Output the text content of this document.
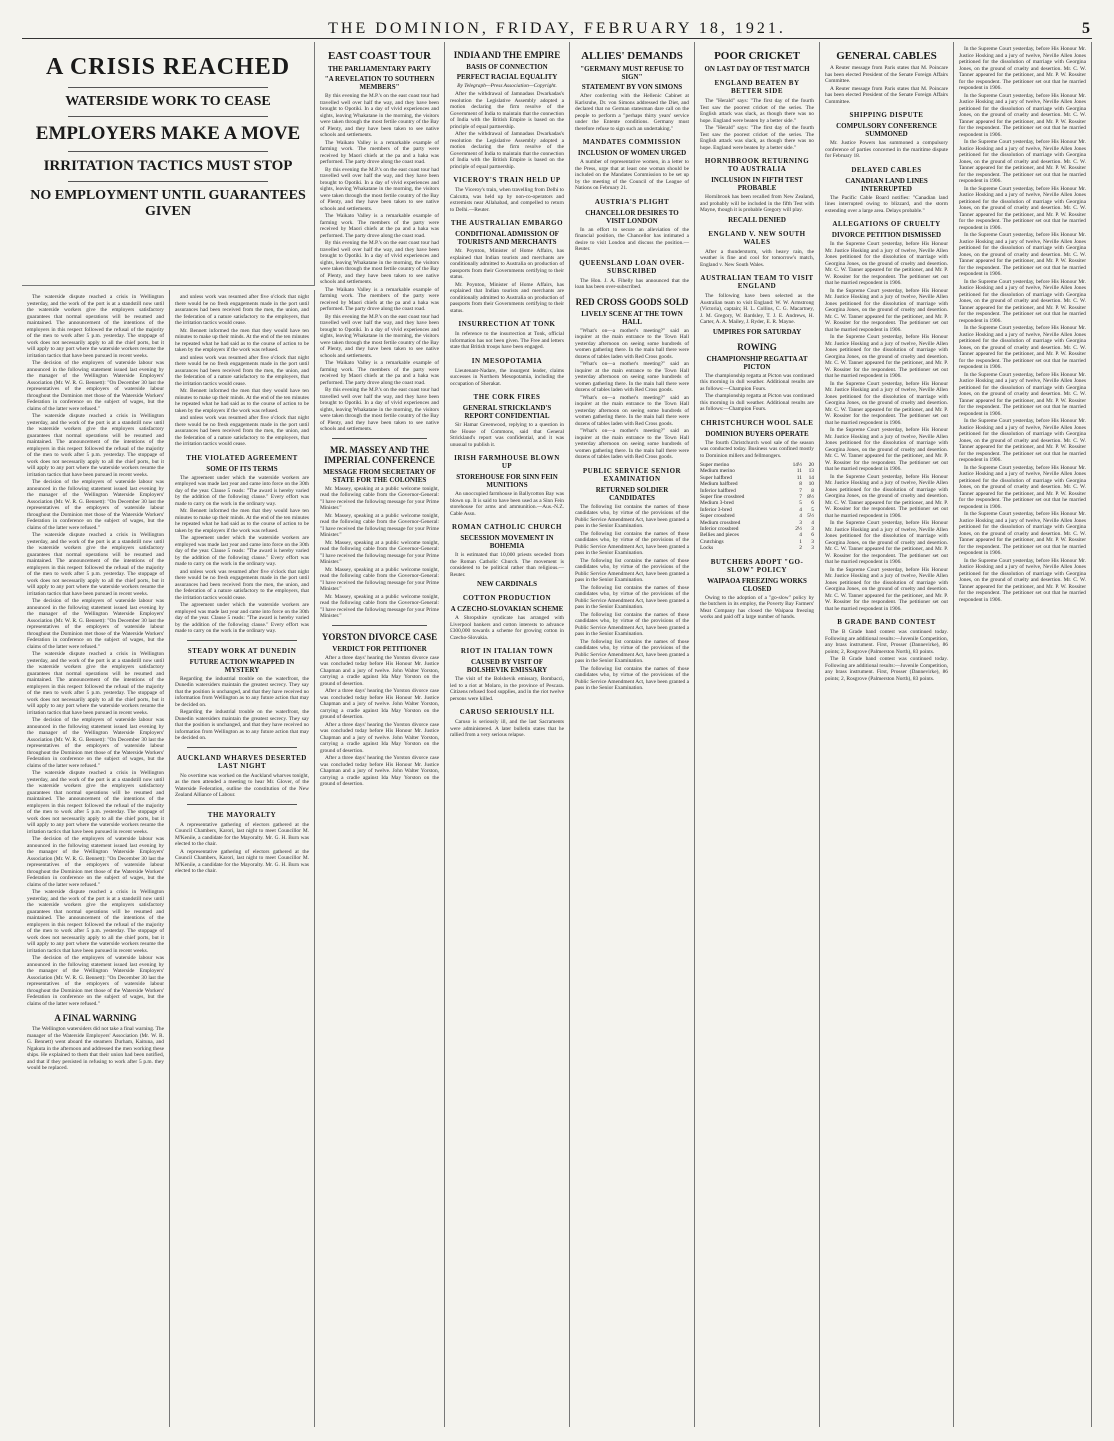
THE DOMINION, FRIDAY, FEBRUARY 18, 1921.	5
A CRISIS REACHED
WATERSIDE WORK TO CEASE
EMPLOYERS MAKE A MOVE
IRRITATION TACTICS MUST STOP
NO EMPLOYMENT UNTIL GUARANTEES GIVEN

The waterside dispute reached a crisis in Wellington yesterday, and the work of the port is at a standstill now until the waterside workers give the employers satisfactory guarantees that normal operations will be resumed and maintained. The announcement of the intentions of the employers in this respect followed the refusal of the majority of the men to work after 5 p.m. yesterday. The stoppage of work does not necessarily apply to all the chief ports, but it will apply to any port where the waterside workers resume the irritation tactics that have been pursued in recent weeks.

The decision of the employers of waterside labour was announced in the following statement issued last evening by the manager of the Wellington Waterside Employers' Association (Mr. W. R. G. Bennett): "On December 30 last the representatives of the employers of waterside labour throughout the Dominion met those of the Waterside Workers' Federation in conference on the subject of wages, but the claims of the latter were refused."

The waterside dispute reached a crisis in Wellington yesterday, and the work of the port is at a standstill now until the waterside workers give the employers satisfactory guarantees that normal operations will be resumed and maintained. The announcement of the intentions of the employers in this respect followed the refusal of the majority of the men to work after 5 p.m. yesterday. The stoppage of work does not necessarily apply to all the chief ports, but it will apply to any port where the waterside workers resume the irritation tactics that have been pursued in recent weeks.

The decision of the employers of waterside labour was announced in the following statement issued last evening by the manager of the Wellington Waterside Employers' Association (Mr. W. R. G. Bennett): "On December 30 last the representatives of the employers of waterside labour throughout the Dominion met those of the Waterside Workers' Federation in conference on the subject of wages, but the claims of the latter were refused."

The waterside dispute reached a crisis in Wellington yesterday, and the work of the port is at a standstill now until the waterside workers give the employers satisfactory guarantees that normal operations will be resumed and maintained. The announcement of the intentions of the employers in this respect followed the refusal of the majority of the men to work after 5 p.m. yesterday. The stoppage of work does not necessarily apply to all the chief ports, but it will apply to any port where the waterside workers resume the irritation tactics that have been pursued in recent weeks.

The decision of the employers of waterside labour was announced in the following statement issued last evening by the manager of the Wellington Waterside Employers' Association (Mr. W. R. G. Bennett): "On December 30 last the representatives of the employers of waterside labour throughout the Dominion met those of the Waterside Workers' Federation in conference on the subject of wages, but the claims of the latter were refused."

The waterside dispute reached a crisis in Wellington yesterday, and the work of the port is at a standstill now until the waterside workers give the employers satisfactory guarantees that normal operations will be resumed and maintained. The announcement of the intentions of the employers in this respect followed the refusal of the majority of the men to work after 5 p.m. yesterday. The stoppage of work does not necessarily apply to all the chief ports, but it will apply to any port where the waterside workers resume the irritation tactics that have been pursued in recent weeks.

The decision of the employers of waterside labour was announced in the following statement issued last evening by the manager of the Wellington Waterside Employers' Association (Mr. W. R. G. Bennett): "On December 30 last the representatives of the employers of waterside labour throughout the Dominion met those of the Waterside Workers' Federation in conference on the subject of wages, but the claims of the latter were refused."

The waterside dispute reached a crisis in Wellington yesterday, and the work of the port is at a standstill now until the waterside workers give the employers satisfactory guarantees that normal operations will be resumed and maintained. The announcement of the intentions of the employers in this respect followed the refusal of the majority of the men to work after 5 p.m. yesterday. The stoppage of work does not necessarily apply to all the chief ports, but it will apply to any port where the waterside workers resume the irritation tactics that have been pursued in recent weeks.

The decision of the employers of waterside labour was announced in the following statement issued last evening by the manager of the Wellington Waterside Employers' Association (Mr. W. R. G. Bennett): "On December 30 last the representatives of the employers of waterside labour throughout the Dominion met those of the Waterside Workers' Federation in conference on the subject of wages, but the claims of the latter were refused."

The waterside dispute reached a crisis in Wellington yesterday, and the work of the port is at a standstill now until the waterside workers give the employers satisfactory guarantees that normal operations will be resumed and maintained. The announcement of the intentions of the employers in this respect followed the refusal of the majority of the men to work after 5 p.m. yesterday. The stoppage of work does not necessarily apply to all the chief ports, but it will apply to any port where the waterside workers resume the irritation tactics that have been pursued in recent weeks.

The decision of the employers of waterside labour was announced in the following statement issued last evening by the manager of the Wellington Waterside Employers' Association (Mr. W. R. G. Bennett): "On December 30 last the representatives of the employers of waterside labour throughout the Dominion met those of the Waterside Workers' Federation in conference on the subject of wages, but the claims of the latter were refused."

A FINAL WARNING

The Wellington watersiders did not take a final warning. The manager of the Waterside Employers' Association (Mr. W. R. G. Bennett) went aboard the steamers Durham, Kaituna, and Ngakuta in the afternoon and addressed the men working these ships. He explained to them that their union had been notified, and that if they persisted in refusing to work after 5 p.m. they would be replaced.

and unless work was resumed after five o'clock that night there would be no fresh engagements made in the port until assurances had been received from the men, the union, and the federation of a nature satisfactory to the employers, that the irritation tactics would cease.

Mr. Bennett informed the men that they would have ten minutes to make up their minds. At the end of the ten minutes he repeated what he had said as to the course of action to be taken by the employers if the work was refused.

and unless work was resumed after five o'clock that night there would be no fresh engagements made in the port until assurances had been received from the men, the union, and the federation of a nature satisfactory to the employers, that the irritation tactics would cease.

Mr. Bennett informed the men that they would have ten minutes to make up their minds. At the end of the ten minutes he repeated what he had said as to the course of action to be taken by the employers if the work was refused.

and unless work was resumed after five o'clock that night there would be no fresh engagements made in the port until assurances had been received from the men, the union, and the federation of a nature satisfactory to the employers, that the irritation tactics would cease.

THE VIOLATED AGREEMENT
SOME OF ITS TERMS

The agreement under which the waterside workers are employed was made last year and came into force on the 30th day of the year. Clause 5 reads: "The award is hereby varied by the addition of the following clause." Every effort was made to carry on the work in the ordinary way.

Mr. Bennett informed the men that they would have ten minutes to make up their minds. At the end of the ten minutes he repeated what he had said as to the course of action to be taken by the employers if the work was refused.

The agreement under which the waterside workers are employed was made last year and came into force on the 30th day of the year. Clause 5 reads: "The award is hereby varied by the addition of the following clause." Every effort was made to carry on the work in the ordinary way.

and unless work was resumed after five o'clock that night there would be no fresh engagements made in the port until assurances had been received from the men, the union, and the federation of a nature satisfactory to the employers, that the irritation tactics would cease.

The agreement under which the waterside workers are employed was made last year and came into force on the 30th day of the year. Clause 5 reads: "The award is hereby varied by the addition of the following clause." Every effort was made to carry on the work in the ordinary way.

STEADY WORK AT DUNEDIN
FUTURE ACTION WRAPPED IN MYSTERY

Regarding the industrial trouble on the waterfront, the Dunedin watersiders maintain the greatest secrecy. They say that the position is unchanged, and that they have received no information from Wellington as to any future action that may be decided on.

Regarding the industrial trouble on the waterfront, the Dunedin watersiders maintain the greatest secrecy. They say that the position is unchanged, and that they have received no information from Wellington as to any future action that may be decided on.

AUCKLAND WHARVES DESERTED LAST NIGHT

No overtime was worked on the Auckland wharves tonight, as the men attended a meeting to hear Mr. Glover, of the Waterside Federation, outline the constitution of the New Zealand Alliance of Labour.

THE MAYORALTY

A representative gathering of electors gathered at the Council Chambers, Karori, last night to meet Councillor M. M'Keniie, a candidate for the Mayoralty. Mr. G. H. Burn was elected to the chair.

A representative gathering of electors gathered at the Council Chambers, Karori, last night to meet Councillor M. M'Keniie, a candidate for the Mayoralty. Mr. G. H. Burn was elected to the chair.

EAST COAST TOUR
THE PARLIAMENTARY PARTY
"A REVELATION TO SOUTHERN MEMBERS"

By this evening the M.P.'s on the east coast tour had travelled well over half the way, and they have been brought to Opotiki. In a day of vivid experiences and sights, leaving Whakatane in the morning, the visitors were taken through the most fertile country of the Bay of Plenty, and they have been taken to see native schools and settlements.

The Waikato Valley is a remarkable example of farming work. The members of the party were received by Maori chiefs at the pa and a haka was performed. The party drove along the coast road.

By this evening the M.P.'s on the east coast tour had travelled well over half the way, and they have been brought to Opotiki. In a day of vivid experiences and sights, leaving Whakatane in the morning, the visitors were taken through the most fertile country of the Bay of Plenty, and they have been taken to see native schools and settlements.

The Waikato Valley is a remarkable example of farming work. The members of the party were received by Maori chiefs at the pa and a haka was performed. The party drove along the coast road.

By this evening the M.P.'s on the east coast tour had travelled well over half the way, and they have been brought to Opotiki. In a day of vivid experiences and sights, leaving Whakatane in the morning, the visitors were taken through the most fertile country of the Bay of Plenty, and they have been taken to see native schools and settlements.

The Waikato Valley is a remarkable example of farming work. The members of the party were received by Maori chiefs at the pa and a haka was performed. The party drove along the coast road.

By this evening the M.P.'s on the east coast tour had travelled well over half the way, and they have been brought to Opotiki. In a day of vivid experiences and sights, leaving Whakatane in the morning, the visitors were taken through the most fertile country of the Bay of Plenty, and they have been taken to see native schools and settlements.

The Waikato Valley is a remarkable example of farming work. The members of the party were received by Maori chiefs at the pa and a haka was performed. The party drove along the coast road.

By this evening the M.P.'s on the east coast tour had travelled well over half the way, and they have been brought to Opotiki. In a day of vivid experiences and sights, leaving Whakatane in the morning, the visitors were taken through the most fertile country of the Bay of Plenty, and they have been taken to see native schools and settlements.

MR. MASSEY AND THE IMPERIAL CONFERENCE
MESSAGE FROM SECRETARY OF STATE FOR THE COLONIES

Mr. Massey, speaking at a public welcome tonight, read the following cable from the Governor-General: "I have received the following message for your Prime Minister."

Mr. Massey, speaking at a public welcome tonight, read the following cable from the Governor-General: "I have received the following message for your Prime Minister."

Mr. Massey, speaking at a public welcome tonight, read the following cable from the Governor-General: "I have received the following message for your Prime Minister."

Mr. Massey, speaking at a public welcome tonight, read the following cable from the Governor-General: "I have received the following message for your Prime Minister."

Mr. Massey, speaking at a public welcome tonight, read the following cable from the Governor-General: "I have received the following message for your Prime Minister."

YORSTON DIVORCE CASE
VERDICT FOR PETITIONER

After a three days' hearing the Yorston divorce case was concluded today before His Honour Mr. Justice Chapman and a jury of twelve. John Walter Yorston, carrying a cradle against Ida May Yorston on the ground of desertion.

After a three days' hearing the Yorston divorce case was concluded today before His Honour Mr. Justice Chapman and a jury of twelve. John Walter Yorston, carrying a cradle against Ida May Yorston on the ground of desertion.

After a three days' hearing the Yorston divorce case was concluded today before His Honour Mr. Justice Chapman and a jury of twelve. John Walter Yorston, carrying a cradle against Ida May Yorston on the ground of desertion.

After a three days' hearing the Yorston divorce case was concluded today before His Honour Mr. Justice Chapman and a jury of twelve. John Walter Yorston, carrying a cradle against Ida May Yorston on the ground of desertion.

INDIA AND THE EMPIRE
BASIS OF CONNECTION
PERFECT RACIAL EQUALITY
By Telegraph—Press Association—Copyright.

After the withdrawal of Jamnadass Dwarkadas's resolution the Legislative Assembly adopted a motion declaring the firm resolve of the Government of India to maintain that the connection of India with the British Empire is based on the principle of equal partnership.

After the withdrawal of Jamnadass Dwarkadas's resolution the Legislative Assembly adopted a motion declaring the firm resolve of the Government of India to maintain that the connection of India with the British Empire is based on the principle of equal partnership.

VICEROY'S TRAIN HELD UP

The Viceroy's train, when travelling from Delhi to Calcutta, was held up by non-co-operators and extremists near Allahabad, and compelled to return to Delhi.—Reuter.

THE AUSTRALIAN EMBARGO
CONDITIONAL ADMISSION OF TOURISTS AND MERCHANTS

Mr. Poynton, Minister of Home Affairs, has explained that Indian tourists and merchants are conditionally admitted to Australia on production of passports from their Governments certifying to their status.

Mr. Poynton, Minister of Home Affairs, has explained that Indian tourists and merchants are conditionally admitted to Australia on production of passports from their Governments certifying to their status.

INSURRECTION AT TONK

In reference to the insurrection at Tonk, official information has not been given. The Free and letters state that British troops have been engaged.

IN MESOPOTAMIA

Lieutenant-Nadare, the insurgent leader, claims successes in Northern Mesopotamia, including the occupation of Sherakat.

THE CORK FIRES
GENERAL STRICKLAND'S REPORT CONFIDENTIAL

Sir Hamar Greenwood, replying to a question in the House of Commons, said that General Strickland's report was confidential, and it was unusual to publish it.

IRISH FARMHOUSE BLOWN UP
STOREHOUSE FOR SINN FEIN MUNITIONS

An unoccupied farmhouse in Ballycotton Bay was blown up. It is said to have been used as a Sinn Fein storehouse for arms and ammunition.—Aus.-N.Z. Cable Assn.

ROMAN CATHOLIC CHURCH
SECESSION MOVEMENT IN BOHEMIA

It is estimated that 10,000 priests seceded from the Roman Catholic Church. The movement is considered to be political rather than religious.—Reuter.

NEW CARDINALS
COTTON PRODUCTION
A CZECHO-SLOVAKIAN SCHEME

A Shropshire syndicate has arranged with Liverpool bankers and cotton interests to advance £300,000 towards a scheme for growing cotton in Czecho-Slovakia.

RIOT IN ITALIAN TOWN
CAUSED BY VISIT OF BOLSHEVIK EMISSARY

The visit of the Bolshevik emissary, Bombacci, led to a riot at Molaro, in the province of Pescara. Citizens refused food supplies, and in the riot twelve persons were killed.

CARUSO SERIOUSLY ILL

Caruso is seriously ill, and the last Sacraments were administered. A later bulletin states that he rallied from a very serious relapse.

ALLIES' DEMANDS
"GERMANY MUST REFUSE TO SIGN"
STATEMENT BY VON SIMONS

After conferring with the Hellenic Cabinet at Karlsruhe, Dr. von Simons addressed the Diet, and declared that no German statesman dare call on the people to perform a "perhaps thirty years' service under the Entente conditions. Germany must therefore refuse to sign such an undertaking."

MANDATES COMMISSION
INCLUSION OF WOMEN URGED

A number of representative women, in a letter to the Press, urge that at least one woman should be included on the Mandates Commission to be set up by the meeting of the Council of the League of Nations on February 21.

AUSTRIA'S PLIGHT
CHANCELLOR DESIRES TO VISIT LONDON

In an effort to secure an alleviation of the financial position, the Chancellor has intimated a desire to visit London and discuss the position.—Reuter.

QUEENSLAND LOAN OVER-SUBSCRIBED

The Hon. J. A. Fihelly has announced that the loan has been over-subscribed.

RED CROSS GOODS SOLD
LIVELY SCENE AT THE TOWN HALL

"What's on—a mother's meeting?" said an inquirer at the main entrance to the Town Hall yesterday afternoon on seeing some hundreds of women gathering there. In the main hall there were dozens of tables laden with Red Cross goods.

"What's on—a mother's meeting?" said an inquirer at the main entrance to the Town Hall yesterday afternoon on seeing some hundreds of women gathering there. In the main hall there were dozens of tables laden with Red Cross goods.

"What's on—a mother's meeting?" said an inquirer at the main entrance to the Town Hall yesterday afternoon on seeing some hundreds of women gathering there. In the main hall there were dozens of tables laden with Red Cross goods.

"What's on—a mother's meeting?" said an inquirer at the main entrance to the Town Hall yesterday afternoon on seeing some hundreds of women gathering there. In the main hall there were dozens of tables laden with Red Cross goods.

PUBLIC SERVICE SENIOR EXAMINATION
RETURNED SOLDIER CANDIDATES

The following list contains the names of those candidates who, by virtue of the provisions of the Public Service Amendment Act, have been granted a pass in the Senior Examination.

The following list contains the names of those candidates who, by virtue of the provisions of the Public Service Amendment Act, have been granted a pass in the Senior Examination.

The following list contains the names of those candidates who, by virtue of the provisions of the Public Service Amendment Act, have been granted a pass in the Senior Examination.

The following list contains the names of those candidates who, by virtue of the provisions of the Public Service Amendment Act, have been granted a pass in the Senior Examination.

The following list contains the names of those candidates who, by virtue of the provisions of the Public Service Amendment Act, have been granted a pass in the Senior Examination.

The following list contains the names of those candidates who, by virtue of the provisions of the Public Service Amendment Act, have been granted a pass in the Senior Examination.

The following list contains the names of those candidates who, by virtue of the provisions of the Public Service Amendment Act, have been granted a pass in the Senior Examination.

POOR CRICKET
ON LAST DAY OF TEST MATCH
ENGLAND BEATEN BY BETTER SIDE

The "Herald" says: "The first day of the fourth Test saw the poorest cricket of the series. The English attack was slack, as though there was no hope. England were beaten by a better side."

The "Herald" says: "The first day of the fourth Test saw the poorest cricket of the series. The English attack was slack, as though there was no hope. England were beaten by a better side."

HORNIBROOK RETURNING TO AUSTRALIA
INCLUSION IN FIFTH TEST PROBABLE

Hornibrook has been recalled from New Zealand, and probably will be included in the fifth Test with Mayne, though it is probable Gregory will play.

RECALL DENIED
ENGLAND V. NEW SOUTH WALES

After a thunderstorm, with heavy rain, the weather is fine and cool for tomorrow's match, England v. New South Wales.

AUSTRALIAN TEAM TO VISIT ENGLAND

The following have been selected as the Australian team to visit England: W. W. Armstrong (Victoria), captain; H. L. Collins, C. G. Macartney, J. M. Gregory, W. Bardsley, T. J. E. Andrews, H. Carter, A. A. Mailey, J. Ryder, E. R. Mayne.

UMPIRES FOR SATURDAY
ROWING
CHAMPIONSHIP REGATTA AT PICTON

The championship regatta at Picton was continued this morning in dull weather. Additional results are as follows:—Champion Fours.

The championship regatta at Picton was continued this morning in dull weather. Additional results are as follows:—Champion Fours.

CHRISTCHURCH WOOL SALE
DOMINION BUYERS OPERATE

The fourth Christchurch wool sale of the season was conducted today. Business was confined mostly to Dominion millers and fellmongers.

Super merino	14½	20
Medium merino	11	13
Super halfbred	11	14
Medium halfbred	8	10
Inferior halfbred	7	8
Super fine crossbred	7	8½
Medium 3-bred	5	6
Inferior 3-bred	4	5
Super crossbred	4	5½
Medium crossbred	3	4
Inferior crossbred	2½	3
Bellies and pieces	4	6
Crutchings	1	3
Locks	2	3
BUTCHERS ADOPT "GO-SLOW" POLICY
WAIPAOA FREEZING WORKS CLOSED

Owing to the adoption of a "go-slow" policy by the butchers in its employ, the Poverty Bay Farmers' Meat Company has closed the Waipaoa freezing works and paid off a large number of hands.

GENERAL CABLES

A Reuter message from Paris states that M. Poincare has been elected President of the Senate Foreign Affairs Committee.

A Reuter message from Paris states that M. Poincare has been elected President of the Senate Foreign Affairs Committee.

SHIPPING DISPUTE
COMPULSORY CONFERENCE SUMMONED

Mr. Justice Powers has summoned a compulsory conference of parties concerned in the maritime dispute for February 18.

DELAYED CABLES
CANADIAN LAND LINES INTERRUPTED

The Pacific Cable Board notifies: "Canadian land lines interrupted owing to blizzard, and the storm extending over a large area. Delays probable."

ALLEGATIONS OF CRUELTY
DIVORCE PETITION DISMISSED

In the Supreme Court yesterday, before His Honour Mr. Justice Hosking and a jury of twelve, Neville Allen Jones petitioned for the dissolution of marriage with Georgina Jones, on the ground of cruelty and desertion. Mr. C. W. Tanner appeared for the petitioner, and Mr. P. W. Rossiter for the respondent. The petitioner set out that he married respondent in 1906.

In the Supreme Court yesterday, before His Honour Mr. Justice Hosking and a jury of twelve, Neville Allen Jones petitioned for the dissolution of marriage with Georgina Jones, on the ground of cruelty and desertion. Mr. C. W. Tanner appeared for the petitioner, and Mr. P. W. Rossiter for the respondent. The petitioner set out that he married respondent in 1906.

In the Supreme Court yesterday, before His Honour Mr. Justice Hosking and a jury of twelve, Neville Allen Jones petitioned for the dissolution of marriage with Georgina Jones, on the ground of cruelty and desertion. Mr. C. W. Tanner appeared for the petitioner, and Mr. P. W. Rossiter for the respondent. The petitioner set out that he married respondent in 1906.

In the Supreme Court yesterday, before His Honour Mr. Justice Hosking and a jury of twelve, Neville Allen Jones petitioned for the dissolution of marriage with Georgina Jones, on the ground of cruelty and desertion. Mr. C. W. Tanner appeared for the petitioner, and Mr. P. W. Rossiter for the respondent. The petitioner set out that he married respondent in 1906.

In the Supreme Court yesterday, before His Honour Mr. Justice Hosking and a jury of twelve, Neville Allen Jones petitioned for the dissolution of marriage with Georgina Jones, on the ground of cruelty and desertion. Mr. C. W. Tanner appeared for the petitioner, and Mr. P. W. Rossiter for the respondent. The petitioner set out that he married respondent in 1906.

In the Supreme Court yesterday, before His Honour Mr. Justice Hosking and a jury of twelve, Neville Allen Jones petitioned for the dissolution of marriage with Georgina Jones, on the ground of cruelty and desertion. Mr. C. W. Tanner appeared for the petitioner, and Mr. P. W. Rossiter for the respondent. The petitioner set out that he married respondent in 1906.

In the Supreme Court yesterday, before His Honour Mr. Justice Hosking and a jury of twelve, Neville Allen Jones petitioned for the dissolution of marriage with Georgina Jones, on the ground of cruelty and desertion. Mr. C. W. Tanner appeared for the petitioner, and Mr. P. W. Rossiter for the respondent. The petitioner set out that he married respondent in 1906.

In the Supreme Court yesterday, before His Honour Mr. Justice Hosking and a jury of twelve, Neville Allen Jones petitioned for the dissolution of marriage with Georgina Jones, on the ground of cruelty and desertion. Mr. C. W. Tanner appeared for the petitioner, and Mr. P. W. Rossiter for the respondent. The petitioner set out that he married respondent in 1906.

B GRADE BAND CONTEST

The B Grade band contest was continued today. Following are additional results:—Juvenile Competition, any brass instrument. First, Prosser (Dannevirke), 86 points; 2, Rosgrove (Palmerston North), 83 points.

The B Grade band contest was continued today. Following are additional results:—Juvenile Competition, any brass instrument. First, Prosser (Dannevirke), 86 points; 2, Rosgrove (Palmerston North), 83 points.

In the Supreme Court yesterday, before His Honour Mr. Justice Hosking and a jury of twelve, Neville Allen Jones petitioned for the dissolution of marriage with Georgina Jones, on the ground of cruelty and desertion. Mr. C. W. Tanner appeared for the petitioner, and Mr. P. W. Rossiter for the respondent. The petitioner set out that he married respondent in 1906.

In the Supreme Court yesterday, before His Honour Mr. Justice Hosking and a jury of twelve, Neville Allen Jones petitioned for the dissolution of marriage with Georgina Jones, on the ground of cruelty and desertion. Mr. C. W. Tanner appeared for the petitioner, and Mr. P. W. Rossiter for the respondent. The petitioner set out that he married respondent in 1906.

In the Supreme Court yesterday, before His Honour Mr. Justice Hosking and a jury of twelve, Neville Allen Jones petitioned for the dissolution of marriage with Georgina Jones, on the ground of cruelty and desertion. Mr. C. W. Tanner appeared for the petitioner, and Mr. P. W. Rossiter for the respondent. The petitioner set out that he married respondent in 1906.

In the Supreme Court yesterday, before His Honour Mr. Justice Hosking and a jury of twelve, Neville Allen Jones petitioned for the dissolution of marriage with Georgina Jones, on the ground of cruelty and desertion. Mr. C. W. Tanner appeared for the petitioner, and Mr. P. W. Rossiter for the respondent. The petitioner set out that he married respondent in 1906.

In the Supreme Court yesterday, before His Honour Mr. Justice Hosking and a jury of twelve, Neville Allen Jones petitioned for the dissolution of marriage with Georgina Jones, on the ground of cruelty and desertion. Mr. C. W. Tanner appeared for the petitioner, and Mr. P. W. Rossiter for the respondent. The petitioner set out that he married respondent in 1906.

In the Supreme Court yesterday, before His Honour Mr. Justice Hosking and a jury of twelve, Neville Allen Jones petitioned for the dissolution of marriage with Georgina Jones, on the ground of cruelty and desertion. Mr. C. W. Tanner appeared for the petitioner, and Mr. P. W. Rossiter for the respondent. The petitioner set out that he married respondent in 1906.

In the Supreme Court yesterday, before His Honour Mr. Justice Hosking and a jury of twelve, Neville Allen Jones petitioned for the dissolution of marriage with Georgina Jones, on the ground of cruelty and desertion. Mr. C. W. Tanner appeared for the petitioner, and Mr. P. W. Rossiter for the respondent. The petitioner set out that he married respondent in 1906.

In the Supreme Court yesterday, before His Honour Mr. Justice Hosking and a jury of twelve, Neville Allen Jones petitioned for the dissolution of marriage with Georgina Jones, on the ground of cruelty and desertion. Mr. C. W. Tanner appeared for the petitioner, and Mr. P. W. Rossiter for the respondent. The petitioner set out that he married respondent in 1906.

In the Supreme Court yesterday, before His Honour Mr. Justice Hosking and a jury of twelve, Neville Allen Jones petitioned for the dissolution of marriage with Georgina Jones, on the ground of cruelty and desertion. Mr. C. W. Tanner appeared for the petitioner, and Mr. P. W. Rossiter for the respondent. The petitioner set out that he married respondent in 1906.

In the Supreme Court yesterday, before His Honour Mr. Justice Hosking and a jury of twelve, Neville Allen Jones petitioned for the dissolution of marriage with Georgina Jones, on the ground of cruelty and desertion. Mr. C. W. Tanner appeared for the petitioner, and Mr. P. W. Rossiter for the respondent. The petitioner set out that he married respondent in 1906.

In the Supreme Court yesterday, before His Honour Mr. Justice Hosking and a jury of twelve, Neville Allen Jones petitioned for the dissolution of marriage with Georgina Jones, on the ground of cruelty and desertion. Mr. C. W. Tanner appeared for the petitioner, and Mr. P. W. Rossiter for the respondent. The petitioner set out that he married respondent in 1906.

In the Supreme Court yesterday, before His Honour Mr. Justice Hosking and a jury of twelve, Neville Allen Jones petitioned for the dissolution of marriage with Georgina Jones, on the ground of cruelty and desertion. Mr. C. W. Tanner appeared for the petitioner, and Mr. P. W. Rossiter for the respondent. The petitioner set out that he married respondent in 1906.
